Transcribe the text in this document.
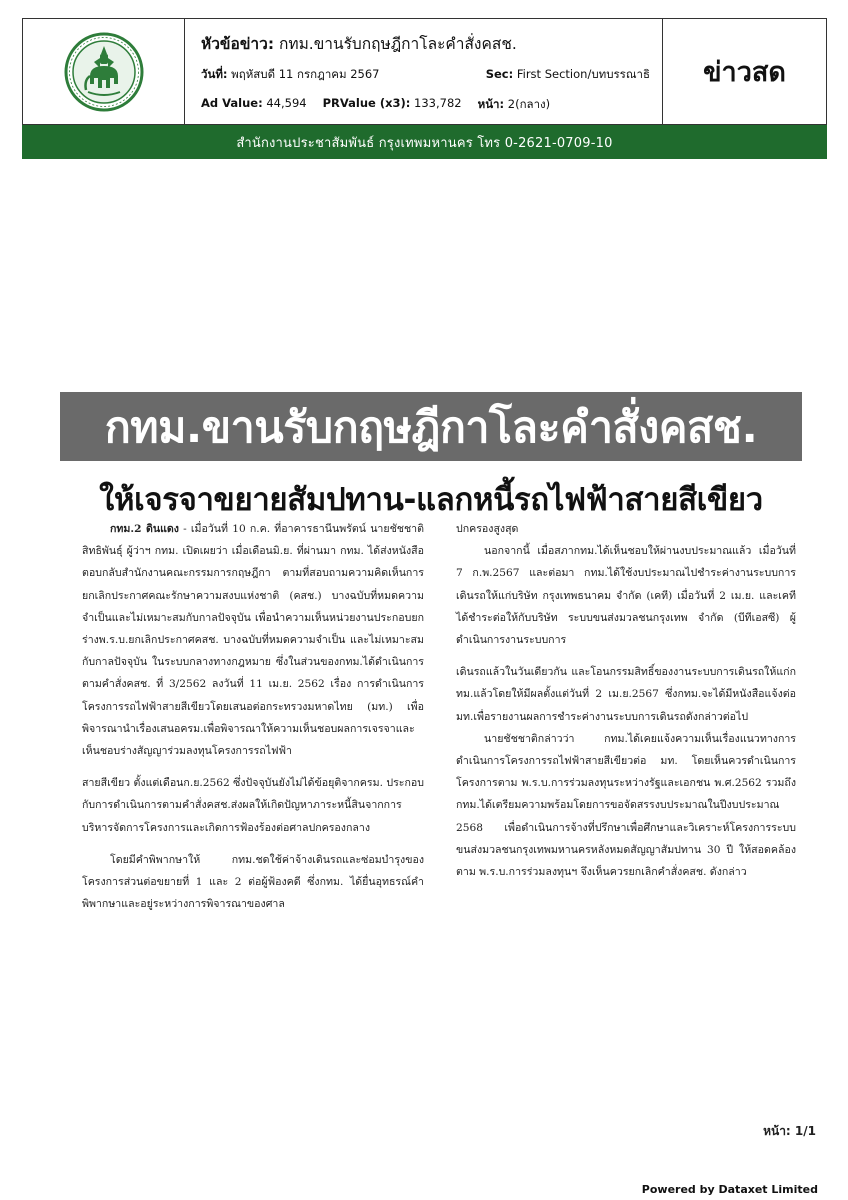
หัวข้อข่าว: กทม.ขานรับกฤษฎีกาโละคำสั่งคสช.
วันที่: พฤหัสบดี 11 กรกฎาคม 2567	Sec: First Section/บทบรรณาธิ
Ad Value: 44,594 PRValue (x3): 133,782 หน้า: 2(กลาง)
ข่าวสด
สำนักงานประชาสัมพันธ์ กรุงเทพมหานคร โทร 0-2621-0709-10
กทม.ขานรับกฤษฎีกาโละคำสั่งคสช.
ให้เจรจาขยายสัมปทาน-แลกหนี้รถไฟฟ้าสายสีเขียว

กทม.2 ดินแดง - เมื่อวันที่ 10 ก.ค. ที่อาคารธานีนพรัตน์ นายชัชชาติ สิทธิพันธุ์ ผู้ว่าฯ กทม. เปิดเผยว่า เมื่อเดือนมิ.ย. ที่ผ่านมา กทม. ได้ส่งหนังสือตอบกลับสำนักงานคณะกรรมการกฤษฎีกา ตามที่สอบถามความคิดเห็นการยกเลิกประกาศคณะรักษาความสงบแห่งชาติ (คสช.) บางฉบับที่หมดความจำเป็นและไม่เหมาะสมกับกาลปัจจุบัน เพื่อนำความเห็นหน่วยงานประกอบยกร่างพ.ร.บ.ยกเลิกประกาศคสช. บางฉบับที่หมดความจำเป็น และไม่เหมาะสมกับกาลปัจจุบัน ในระบบกลางทางกฎหมาย ซึ่งในส่วนของกทม.ได้ดำเนินการตามคำสั่งคสช. ที่ 3/2562 ลงวันที่ 11 เม.ย. 2562 เรื่อง การดำเนินการโครงการรถไฟฟ้าสายสีเขียวโดยเสนอต่อกระทรวงมหาดไทย (มท.) เพื่อพิจารณานำเรื่องเสนอครม.เพื่อพิจารณาให้ความเห็นชอบผลการเจรจาและเห็นชอบร่างสัญญาร่วมลงทุนโครงการรถไฟฟ้า

สายสีเขียว ตั้งแต่เดือนก.ย.2562 ซึ่งปัจจุบันยังไม่ได้ข้อยุติจากครม. ประกอบกับการดำเนินการตามคำสั่งคสช.ส่งผลให้เกิดปัญหาภาระหนี้สินจากการบริหารจัดการโครงการและเกิดการฟ้องร้องต่อศาลปกครองกลาง

โดยมีคำพิพากษาให้ กทม.ชดใช้ค่าจ้างเดินรถและซ่อมบำรุงของโครงการส่วนต่อขยายที่ 1 และ 2 ต่อผู้ฟ้องคดี ซึ่งกทม. ได้ยื่นอุทธรณ์คำพิพากษาและอยู่ระหว่างการพิจารณาของศาล

ปกครองสูงสุด

นอกจากนี้ เมื่อสภากทม.ได้เห็นชอบให้ผ่านงบประมาณแล้ว เมื่อวันที่ 7 ก.พ.2567 และต่อมา กทม.ได้ใช้งบประมาณไปชำระค่างานระบบการเดินรถให้แก่บริษัท กรุงเทพธนาคม จำกัด (เคที) เมื่อวันที่ 2 เม.ย. และเคทีได้ชำระต่อให้กับบริษัท ระบบขนส่งมวลชนกรุงเทพ จำกัด (บีทีเอสซี) ผู้ดำเนินการงานระบบการ

เดินรถแล้วในวันเดียวกัน และโอนกรรมสิทธิ์ของงานระบบการเดินรถให้แก่กทม.แล้วโดยให้มีผลตั้งแต่วันที่ 2 เม.ย.2567 ซึ่งกทม.จะได้มีหนังสือแจ้งต่อ มท.เพื่อรายงานผลการชำระค่างานระบบการเดินรถดังกล่าวต่อไป

นายชัชชาติกล่าวว่า กทม.ได้เคยแจ้งความเห็นเรื่องแนวทางการดำเนินการโครงการรถไฟฟ้าสายสีเขียวต่อ มท. โดยเห็นควรดำเนินการโครงการตาม พ.ร.บ.การร่วมลงทุนระหว่างรัฐและเอกชน พ.ศ.2562 รวมถึงกทม.ได้เตรียมความพร้อมโดยการขอจัดสรรงบประมาณในปีงบประมาณ 2568 เพื่อดำเนินการจ้างที่ปรึกษาเพื่อศึกษาและวิเคราะห์โครงการระบบขนส่งมวลชนกรุงเทพมหานครหลังหมดสัญญาสัมปทาน 30 ปี ให้สอดคล้องตาม พ.ร.บ.การร่วมลงทุนฯ จึงเห็นควรยกเลิกคำสั่งคสช. ดังกล่าว

หน้า: 1/1
Powered by Dataxet Limited
